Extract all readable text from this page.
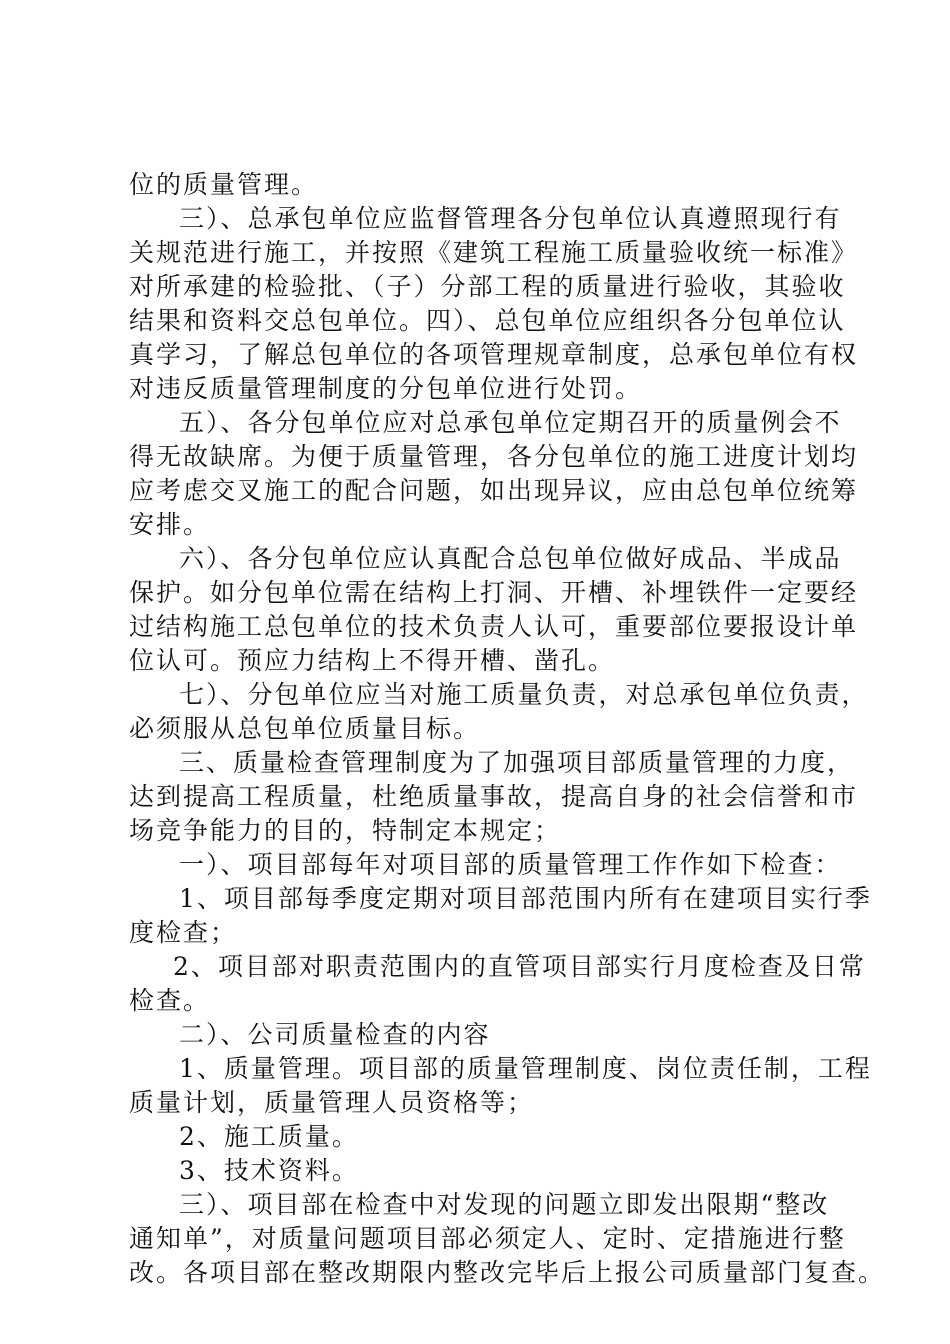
位的质量管理。
三）、总承包单位应监督管理各分包单位认真遵照现行有
关规范进行施工，并按照《建筑工程施工质量验收统一标准》
对所承建的检验批、（子）分部工程的质量进行验收，其验收
结果和资料交总包单位。四）、总包单位应组织各分包单位认
真学习，了解总包单位的各项管理规章制度，总承包单位有权
对违反质量管理制度的分包单位进行处罚。
五）、各分包单位应对总承包单位定期召开的质量例会不
得无故缺席。为便于质量管理，各分包单位的施工进度计划均
应考虑交叉施工的配合问题，如出现异议，应由总包单位统筹
安排。
六）、各分包单位应认真配合总包单位做好成品、半成品
保护。如分包单位需在结构上打洞、开槽、补埋铁件一定要经
过结构施工总包单位的技术负责人认可，重要部位要报设计单
位认可。预应力结构上不得开槽、凿孔。
七）、分包单位应当对施工质量负责，对总承包单位负责，
必须服从总包单位质量目标。
三、质量检查管理制度为了加强项目部质量管理的力度，
达到提高工程质量，杜绝质量事故，提高自身的社会信誉和市
场竞争能力的目的，特制定本规定；
一）、项目部每年对项目部的质量管理工作作如下检查：
1、项目部每季度定期对项目部范围内所有在建项目实行季
度检查；
2、项目部对职责范围内的直管项目部实行月度检查及日常
检查。
二）、公司质量检查的内容
1、质量管理。项目部的质量管理制度、岗位责任制，工程
质量计划，质量管理人员资格等；
2、施工质量。
3、技术资料。
三）、项目部在检查中对发现的问题立即发出限期“整改
通知单”，对质量问题项目部必须定人、定时、定措施进行整
改。各项目部在整改期限内整改完毕后上报公司质量部门复查。
